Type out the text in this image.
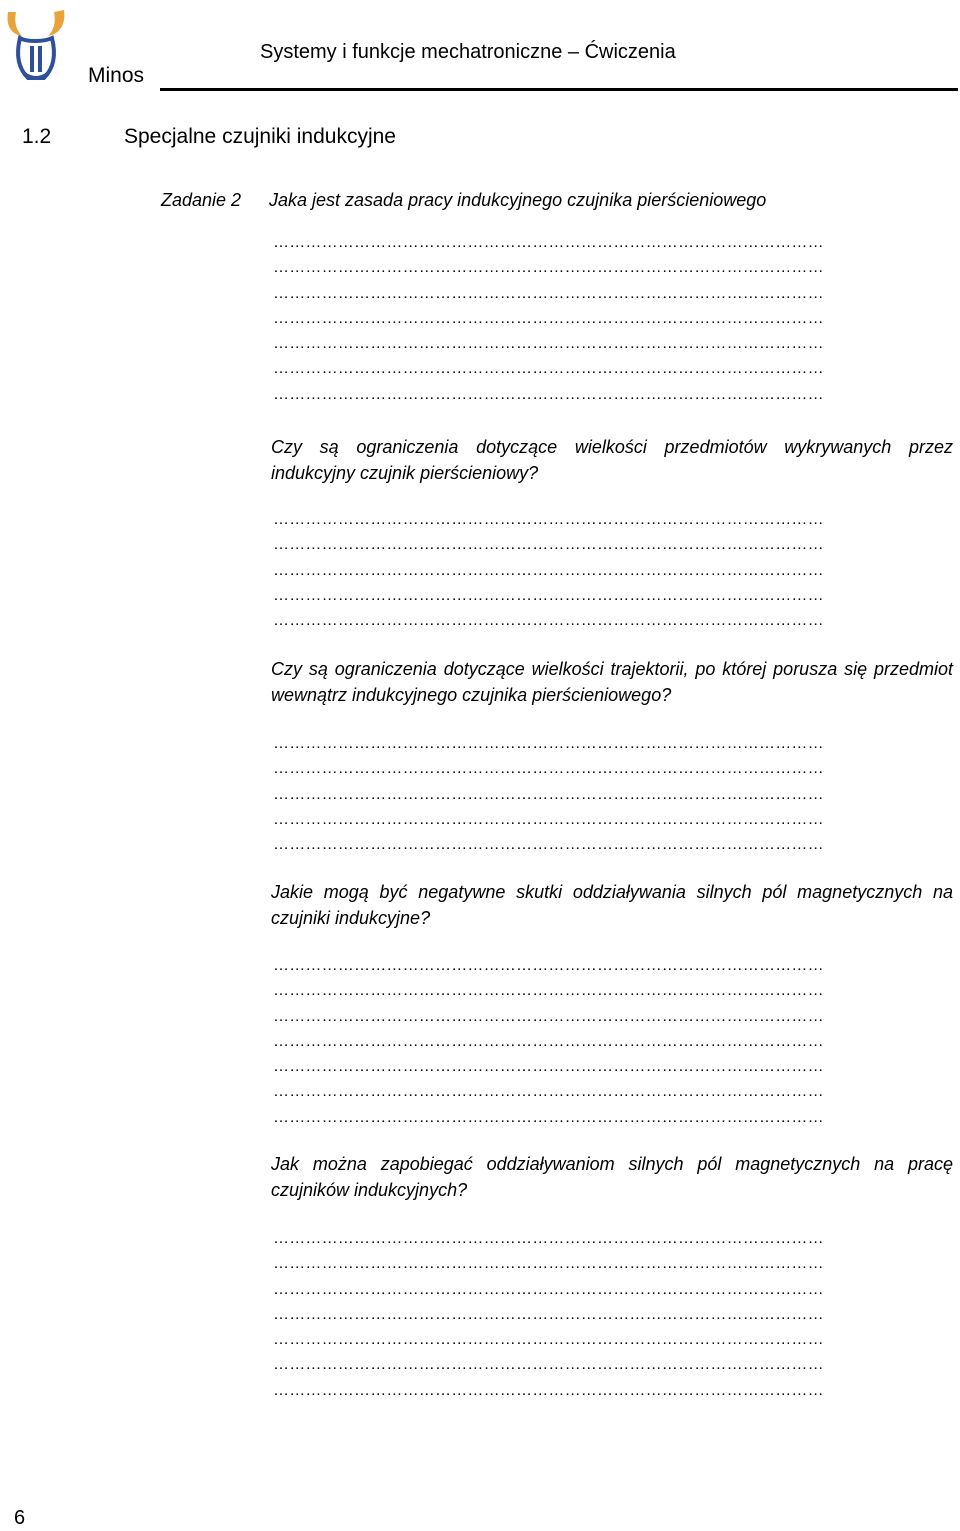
Minos
Systemy i funkcje mechatroniczne – Ćwiczenia
1.2	Specjalne czujniki indukcyjne
Zadanie 2 Jaka jest zasada pracy indukcyjnego czujnika pierścieniowego
…………………………………………………………………………………………
…………………………………………………………………………………………
…………………………………………………………………………………………
…………………………………………………………………………………………
…………………………………………………………………………………………
…………………………………………………………………………………………
…………………………………………………………………………………………
Czy są ograniczenia dotyczące wielkości przedmiotów wykrywanych przez indukcyjny czujnik pierścieniowy?
…………………………………………………………………………………………
…………………………………………………………………………………………
…………………………………………………………………………………………
…………………………………………………………………………………………
…………………………………………………………………………………………
Czy są ograniczenia dotyczące wielkości trajektorii, po której porusza się przedmiot wewnątrz indukcyjnego czujnika pierścieniowego?
…………………………………………………………………………………………
…………………………………………………………………………………………
…………………………………………………………………………………………
…………………………………………………………………………………………
…………………………………………………………………………………………
Jakie mogą być negatywne skutki oddziaływania silnych pól magnetycznych na czujniki indukcyjne?
…………………………………………………………………………………………
…………………………………………………………………………………………
…………………………………………………………………………………………
…………………………………………………………………………………………
…………………………………………………………………………………………
…………………………………………………………………………………………
…………………………………………………………………………………………
Jak można zapobiegać oddziaływaniom silnych pól magnetycznych na pracę czujników indukcyjnych?
…………………………………………………………………………………………
…………………………………………………………………………………………
…………………………………………………………………………………………
…………………………………………………………………………………………
…………………………………………………………………………………………
…………………………………………………………………………………………
…………………………………………………………………………………………
6
